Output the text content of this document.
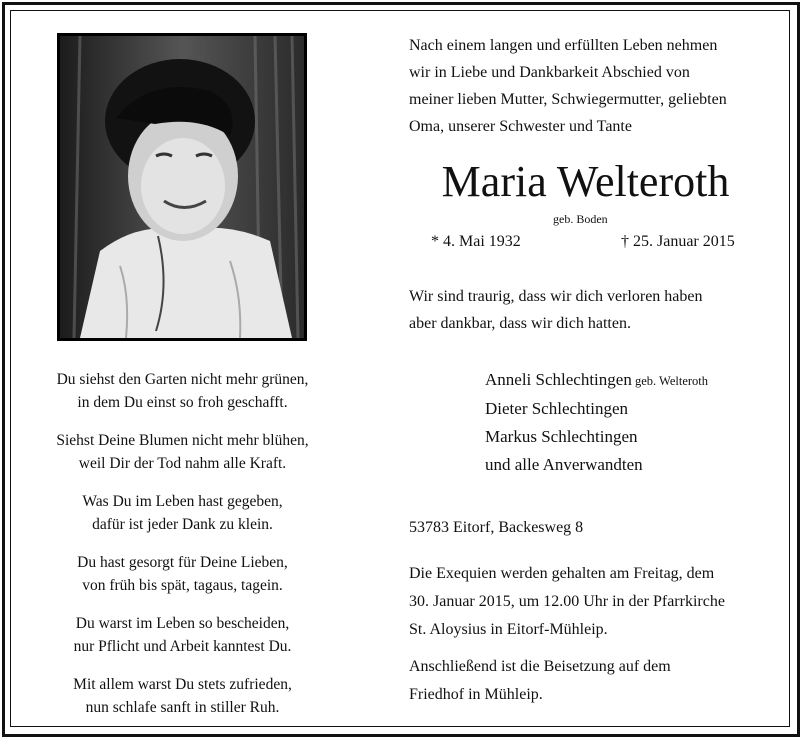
Du siehst den Garten nicht mehr grünen,
in dem Du einst so froh geschafft.
Siehst Deine Blumen nicht mehr blühen,
weil Dir der Tod nahm alle Kraft.
Was Du im Leben hast gegeben,
dafür ist jeder Dank zu klein.
Du hast gesorgt für Deine Lieben,
von früh bis spät, tagaus, tagein.
Du warst im Leben so bescheiden,
nur Pflicht und Arbeit kanntest Du.
Mit allem warst Du stets zufrieden,
nun schlafe sanft in stiller Ruh.
Nach einem langen und erfüllten Leben nehmen
wir in Liebe und Dankbarkeit Abschied von
meiner lieben Mutter, Schwiegermutter, geliebten
Oma, unserer Schwester und Tante
Maria Welteroth
geb. Boden
* 4. Mai 1932	† 25. Januar 2015
Wir sind traurig, dass wir dich verloren haben
aber dankbar, dass wir dich hatten.
Anneli Schlechtingen geb. Welteroth
Dieter Schlechtingen
Markus Schlechtingen
und alle Anverwandten
53783 Eitorf, Backesweg 8
Die Exequien werden gehalten am Freitag, dem
30. Januar 2015, um 12.00 Uhr in der Pfarrkirche
St. Aloysius in Eitorf-Mühleip.
Anschließend ist die Beisetzung auf dem
Friedhof in Mühleip.
